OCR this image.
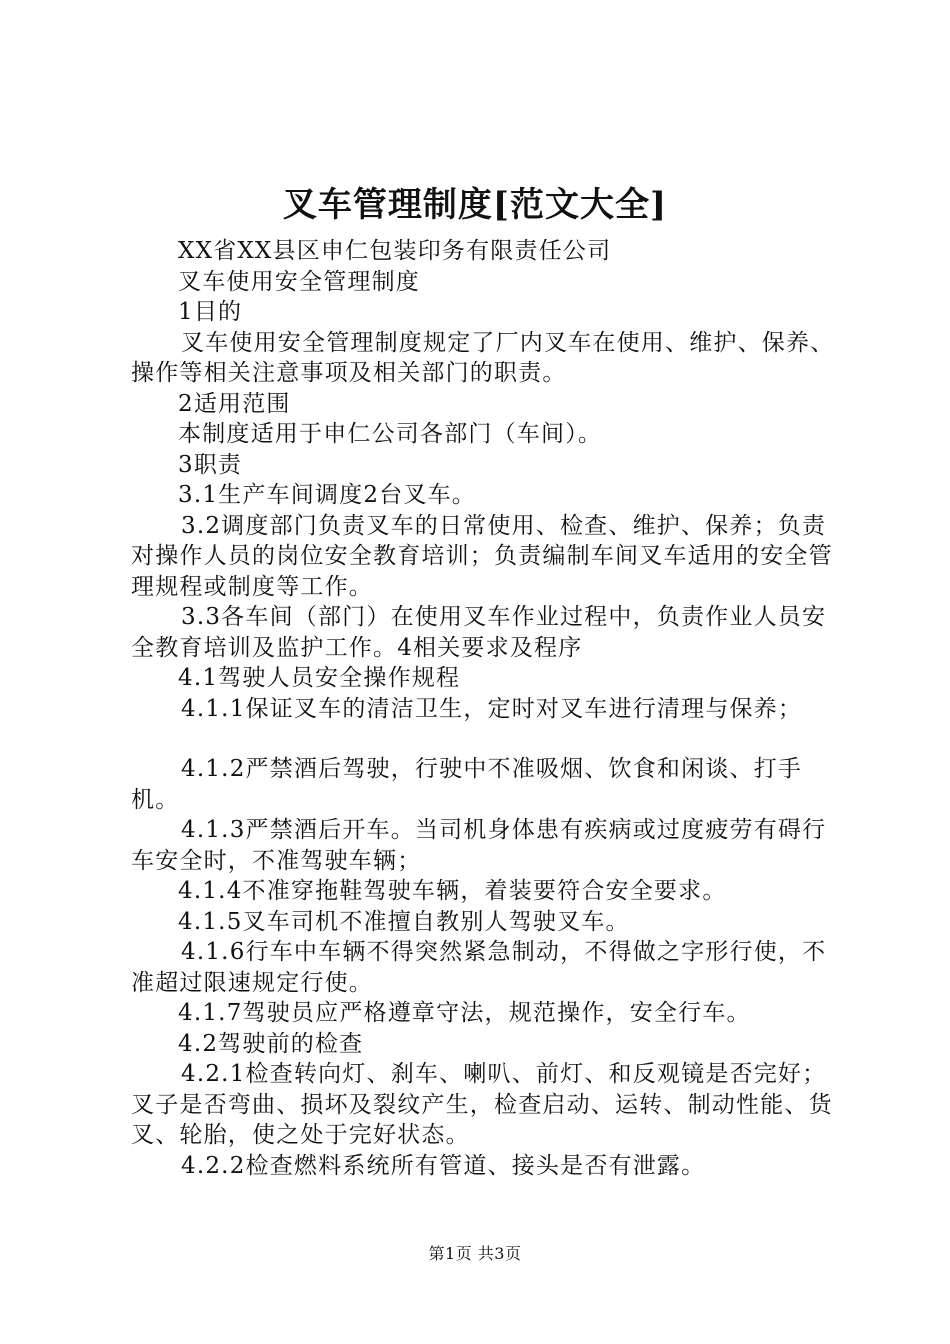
叉车管理制度[范文大全]

XX省XX县区申仁包装印务有限责任公司

叉车使用安全管理制度

1目的

叉车使用安全管理制度规定了厂内叉车在使用、维护、保养、操作等相关注意事项及相关部门的职责。

2适用范围

本制度适用于申仁公司各部门（车间）。

3职责

3.1生产车间调度2台叉车。

3.2调度部门负责叉车的日常使用、检查、维护、保养；负责对操作人员的岗位安全教育培训；负责编制车间叉车适用的安全管理规程或制度等工作。

3.3各车间（部门）在使用叉车作业过程中，负责作业人员安全教育培训及监护工作。4相关要求及程序

4.1驾驶人员安全操作规程

4.1.1保证叉车的清洁卫生，定时对叉车进行清理与保养；

4.1.2严禁酒后驾驶，行驶中不准吸烟、饮食和闲谈、打手机。

4.1.3严禁酒后开车。当司机身体患有疾病或过度疲劳有碍行车安全时，不准驾驶车辆；

4.1.4不准穿拖鞋驾驶车辆，着装要符合安全要求。

4.1.5叉车司机不准擅自教别人驾驶叉车。

4.1.6行车中车辆不得突然紧急制动，不得做之字形行使，不准超过限速规定行使。

4.1.7驾驶员应严格遵章守法，规范操作，安全行车。

4.2驾驶前的检查

4.2.1检查转向灯、刹车、喇叭、前灯、和反观镜是否完好；叉子是否弯曲、损坏及裂纹产生，检查启动、运转、制动性能、货叉、轮胎，使之处于完好状态。

4.2.2检查燃料系统所有管道、接头是否有泄露。

第1页 共3页
